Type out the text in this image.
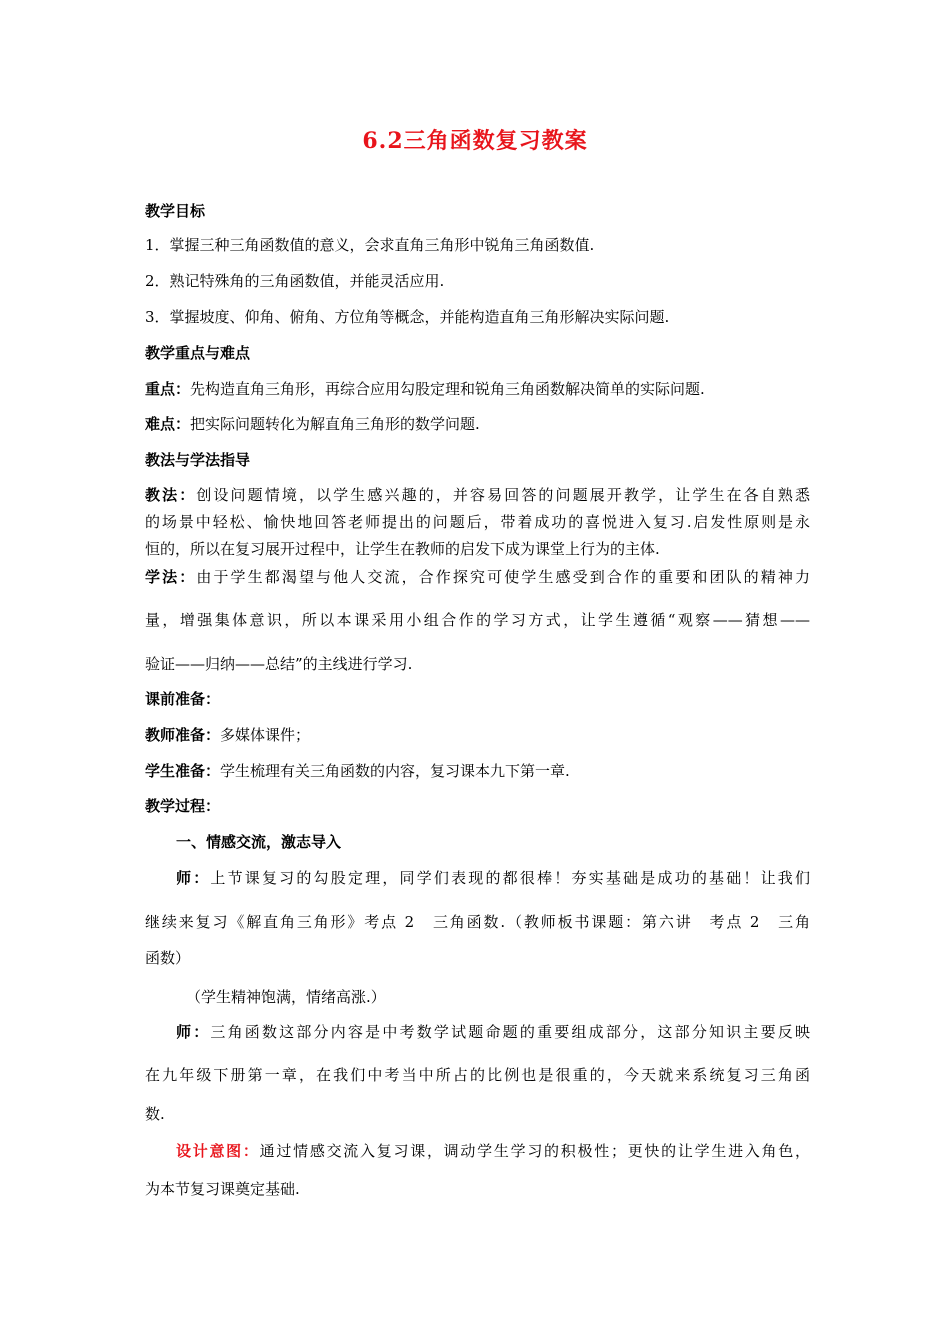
6.2三角函数复习教案
教学目标
1．掌握三种三角函数值的意义，会求直角三角形中锐角三角函数值.
2．熟记特殊角的三角函数值，并能灵活应用.
3．掌握坡度、仰角、俯角、方位角等概念，并能构造直角三角形解决实际问题.
教学重点与难点
重点：先构造直角三角形，再综合应用勾股定理和锐角三角函数解决简单的实际问题.
难点：把实际问题转化为解直角三角形的数学问题.
教法与学法指导
教法：创设问题情境，以学生感兴趣的，并容易回答的问题展开教学，让学生在各自熟悉
的场景中轻松、愉快地回答老师提出的问题后，带着成功的喜悦进入复习.启发性原则是永
恒的，所以在复习展开过程中，让学生在教师的启发下成为课堂上行为的主体.
学法：由于学生都渴望与他人交流，合作探究可使学生感受到合作的重要和团队的精神力
量，增强集体意识，所以本课采用小组合作的学习方式，让学生遵循“观察——猜想——
验证——归纳——总结”的主线进行学习.
课前准备：
教师准备：多媒体课件；
学生准备：学生梳理有关三角函数的内容，复习课本九下第一章.
教学过程：
一、情感交流，激志导入
师：上节课复习的勾股定理，同学们表现的都很棒！夯实基础是成功的基础！让我们
继续来复习《解直角三角形》考点 2　三角函数.（教师板书课题：第六讲　考点 2　三角
函数）
（学生精神饱满，情绪高涨.）
师：三角函数这部分内容是中考数学试题命题的重要组成部分，这部分知识主要反映
在九年级下册第一章，在我们中考当中所占的比例也是很重的，今天就来系统复习三角函
数.
设计意图：通过情感交流入复习课，调动学生学习的积极性；更快的让学生进入角色，
为本节复习课奠定基础.
